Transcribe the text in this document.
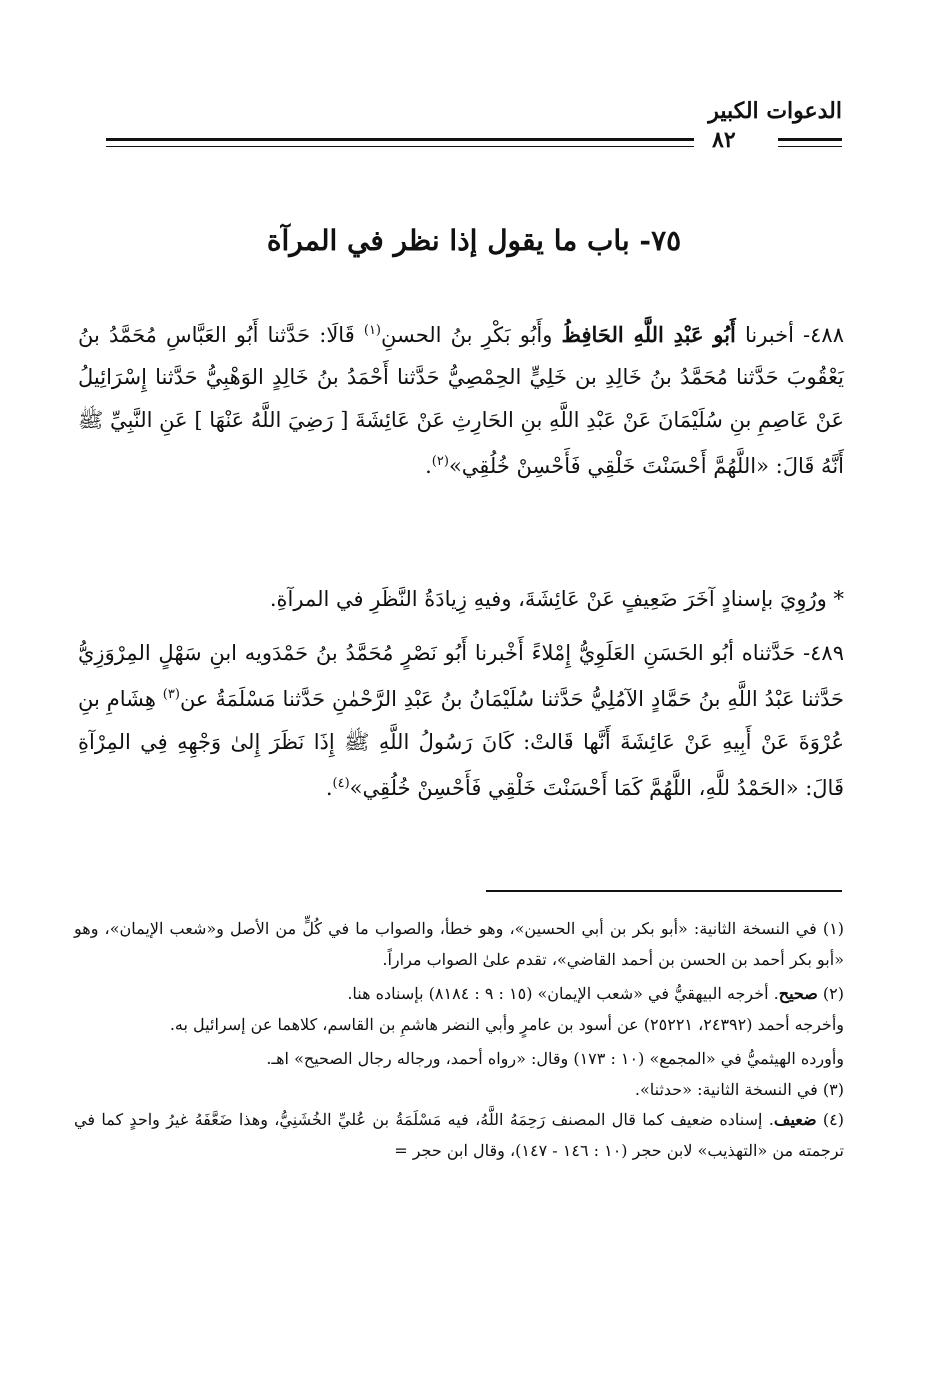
الدعوات الكبير
٨٢
٧٥- باب ما يقول إذا نظر في المرآة
٤٨٨- أخبرنا أَبُو عَبْدِ اللَّهِ الحَافِظُ وأَبُو بَكْرِ بنُ الحسنِ$^{(١)}$ قَالَا: حَدَّثنا أَبُو العَبَّاسِ مُحَمَّدُ بنُ يَعْقُوبَ حَدَّثنا مُحَمَّدُ بنُ خَالِدِ بن خَلِيٍّ الحِمْصِيُّ حَدَّثنا أَحْمَدُ بنُ خَالِدٍ الوَهْبِيُّ حَدَّثنا إِسْرَائِيلُ عَنْ عَاصِمِ بنِ سُلَيْمَانَ عَنْ عَبْدِ اللَّهِ بنِ الحَارِثِ عَنْ عَائِشَةَ [ رَضِيَ اللَّهُ عَنْهَا ] عَنِ النَّبِيِّ ﷺ أَنَّهُ قَالَ: «اللَّهُمَّ أَحْسَنْتَ خَلْقِي فَأَحْسِنْ خُلُقِي»$^{(٢)}$.
* ورُوِيَ بإسنادٍ آخَرَ ضَعِيفٍ عَنْ عَائِشَةَ، وفيهِ زِيادَةُ النَّظَرِ في المرآةِ.
٤٨٩- حَدَّثناه أبُو الحَسَنِ العَلَوِيُّ إِمْلاءً أَخْبرنا أَبُو نَصْرٍ مُحَمَّدُ بنُ حَمْدَويه ابنِ سَهْلٍ المِرْوَزِيُّ حَدَّثنا عَبْدُ اللَّهِ بنُ حَمَّادٍ الآمُلِيُّ حَدَّثنا سُلَيْمَانُ بنُ عَبْدِ الرَّحْمٰنِ حَدَّثنا مَسْلَمَةُ عن$^{(٣)}$ هِشَامِ بنِ عُرْوَةَ عَنْ أَبِيهِ عَنْ عَائِشَةَ أَنَّها قَالتْ: كَانَ رَسُولُ اللَّهِ ﷺ إِذَا نَظَرَ إِلىٰ وَجْهِهِ فِي المِرْآةِ قَالَ: «الحَمْدُ للَّهِ، اللَّهُمَّ كَمَا أَحْسَنْتَ خَلْقِي فَأَحْسِنْ خُلُقِي»$^{(٤)}$.

(١) في النسخة الثانية: «أبو بكر بن أبي الحسين»، وهو خطأ، والصواب ما في كُلٍّ من الأصل و«شعب الإيمان»، وهو «أبو بكر أحمد بن الحسن بن أحمد القاضي»، تقدم علىٰ الصواب مراراً.

(٢) صحيح. أخرجه البيهقيُّ في «شعب الإيمان» (١٥ : ٩ : ٨١٨٤) بإسناده هنا.

وأخرجه أحمد (٢٤٣٩٢، ٢٥٢٢١) عن أسود بن عامرٍ وأبي النضر هاشمِ بن القاسم، كلاهما عن إسرائيل به.

وأورده الهيثميُّ في «المجمع» (١٠ : ١٧٣) وقال: «رواه أحمد، ورجاله رجال الصحيح» اهـ.

(٣) في النسخة الثانية: «حدثنا».

(٤) ضعيف. إسناده ضعيف كما قال المصنف رَحِمَهُ اللَّهُ، فيه مَسْلَمَةُ بن عُليِّ الخُشَنِيُّ، وهذا ضَعَّفَهُ غيرُ واحدٍ كما في ترجمته من «التهذيب» لابن حجر (١٠ : ١٤٦ - ١٤٧)، وقال ابن حجر =
